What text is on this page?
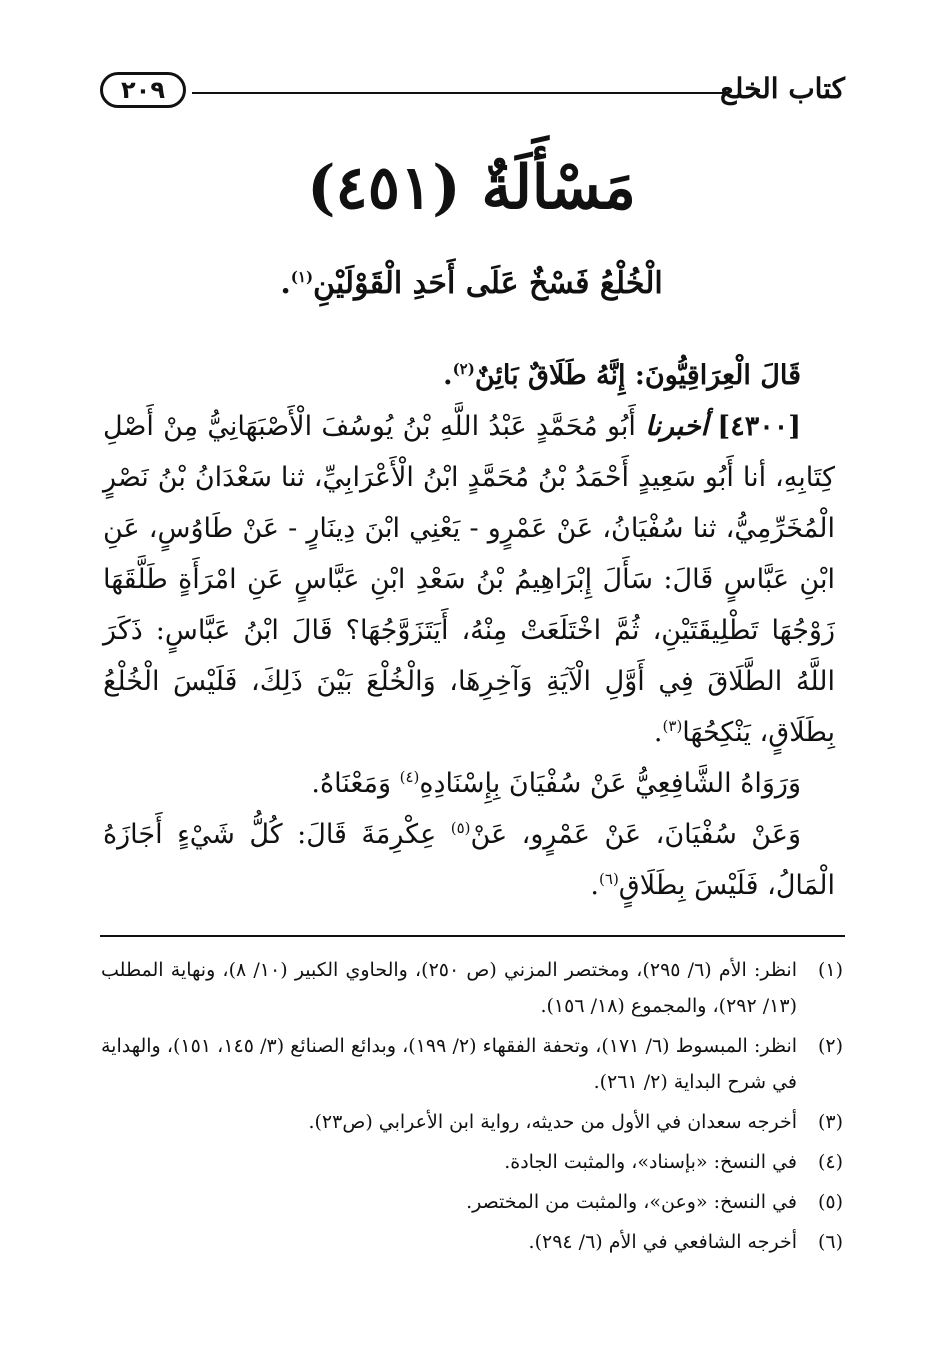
كتاب الخلع
٢٠٩
مَسْأَلَةٌ (٤٥١)
الْخُلْعُ فَسْخٌ عَلَى أَحَدِ الْقَوْلَيْنِ$^{(١)}$.

قَالَ الْعِرَاقِيُّونَ: إِنَّهُ طَلَاقٌ بَائِنٌ$^{(٢)}$.

[٤٣٠٠] أخبرنا أَبُو مُحَمَّدٍ عَبْدُ اللَّهِ بْنُ يُوسُفَ الْأَصْبَهَانِيُّ مِنْ أَصْلِ كِتَابِهِ، أنا أَبُو سَعِيدٍ أَحْمَدُ بْنُ مُحَمَّدٍ ابْنُ الْأَعْرَابِيِّ، ثنا سَعْدَانُ بْنُ نَصْرٍ الْمُخَرِّمِيُّ، ثنا سُفْيَانُ، عَنْ عَمْرٍو - يَعْنِي ابْنَ دِينَارٍ - عَنْ طَاوُسٍ، عَنِ ابْنِ عَبَّاسٍ قَالَ: سَأَلَ إِبْرَاهِيمُ بْنُ سَعْدِ ابْنِ عَبَّاسٍ عَنِ امْرَأَةٍ طَلَّقَهَا زَوْجُهَا تَطْلِيقَتَيْنِ، ثُمَّ اخْتَلَعَتْ مِنْهُ، أَيَتَزَوَّجُهَا؟ قَالَ ابْنُ عَبَّاسٍ: ذَكَرَ اللَّهُ الطَّلَاقَ فِي أَوَّلِ الْآيَةِ وَآخِرِهَا، وَالْخُلْعَ بَيْنَ ذَلِكَ، فَلَيْسَ الْخُلْعُ بِطَلَاقٍ، يَنْكِحُهَا$^{(٣)}$.

وَرَوَاهُ الشَّافِعِيُّ عَنْ سُفْيَانَ بِإِسْنَادِهِ$^{(٤)}$ وَمَعْنَاهُ.

وَعَنْ سُفْيَانَ، عَنْ عَمْرٍو، عَنْ$^{(٥)}$ عِكْرِمَةَ قَالَ: كُلُّ شَيْءٍ أَجَازَهُ الْمَالُ، فَلَيْسَ بِطَلَاقٍ$^{(٦)}$.

(١)
انظر: الأم (٦/ ٢٩٥)، ومختصر المزني (ص ٢٥٠)، والحاوي الكبير (١٠/ ٨)، ونهاية المطلب (١٣/ ٢٩٢)، والمجموع (١٨/ ١٥٦).
(٢)
انظر: المبسوط (٦/ ١٧١)، وتحفة الفقهاء (٢/ ١٩٩)، وبدائع الصنائع (٣/ ١٤٥، ١٥١)، والهداية في شرح البداية (٢/ ٢٦١).
(٣)
أخرجه سعدان في الأول من حديثه، رواية ابن الأعرابي (ص٢٣).
(٤)
في النسخ: «بإسناد»، والمثبت الجادة.
(٥)
في النسخ: «وعن»، والمثبت من المختصر.
(٦)
أخرجه الشافعي في الأم (٦/ ٢٩٤).
